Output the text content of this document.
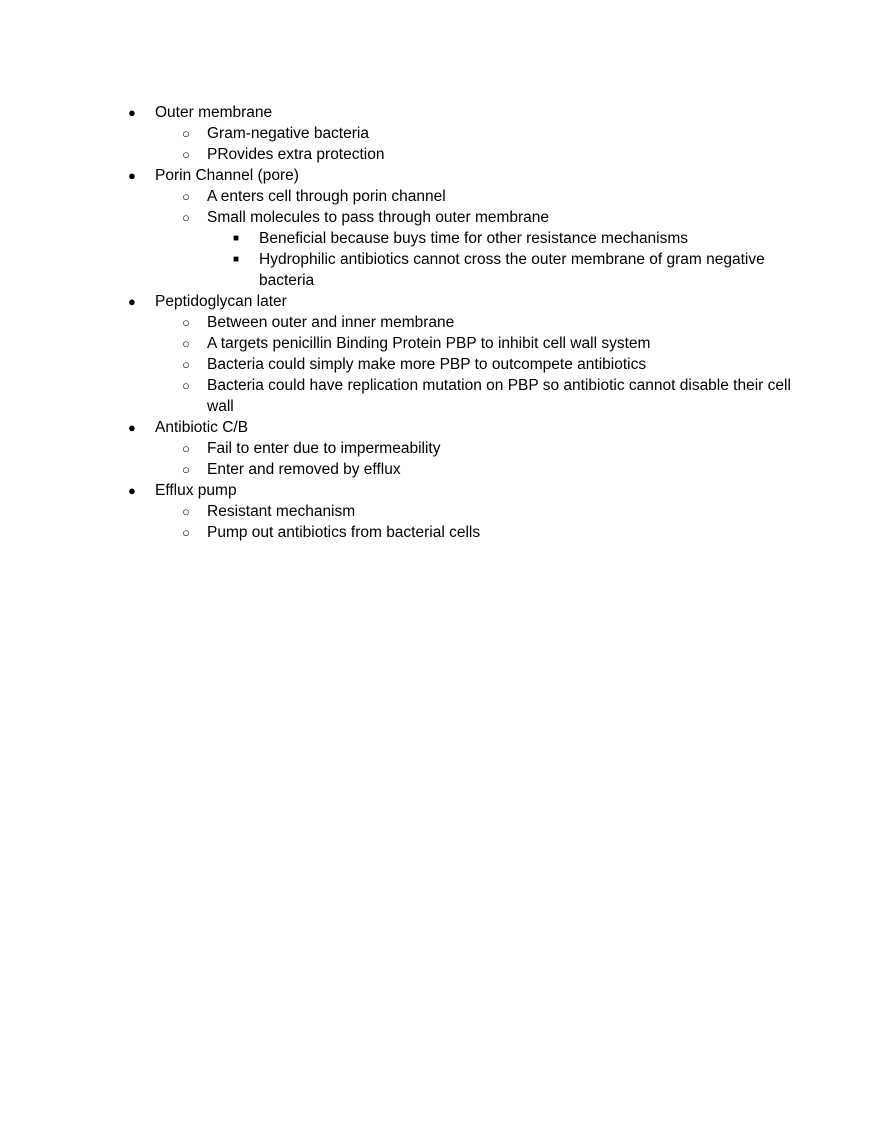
●	Outer membrane
○	Gram-negative bacteria
○	PRovides extra protection
●	Porin Channel (pore)
○	A enters cell through porin channel
○	Small molecules to pass through outer membrane
■	Beneficial because buys time for other resistance mechanisms
■	Hydrophilic antibiotics cannot cross the outer membrane of gram negative bacteria
●	Peptidoglycan later
○	Between outer and inner membrane
○	A targets penicillin Binding Protein PBP to inhibit cell wall system
○	Bacteria could simply make more PBP to outcompete antibiotics
○	Bacteria could have replication mutation on PBP so antibiotic cannot disable their cell wall
●	Antibiotic C/B
○	Fail to enter due to impermeability
○	Enter and removed by efflux
●	Efflux pump
○	Resistant mechanism
○	Pump out antibiotics from bacterial cells
